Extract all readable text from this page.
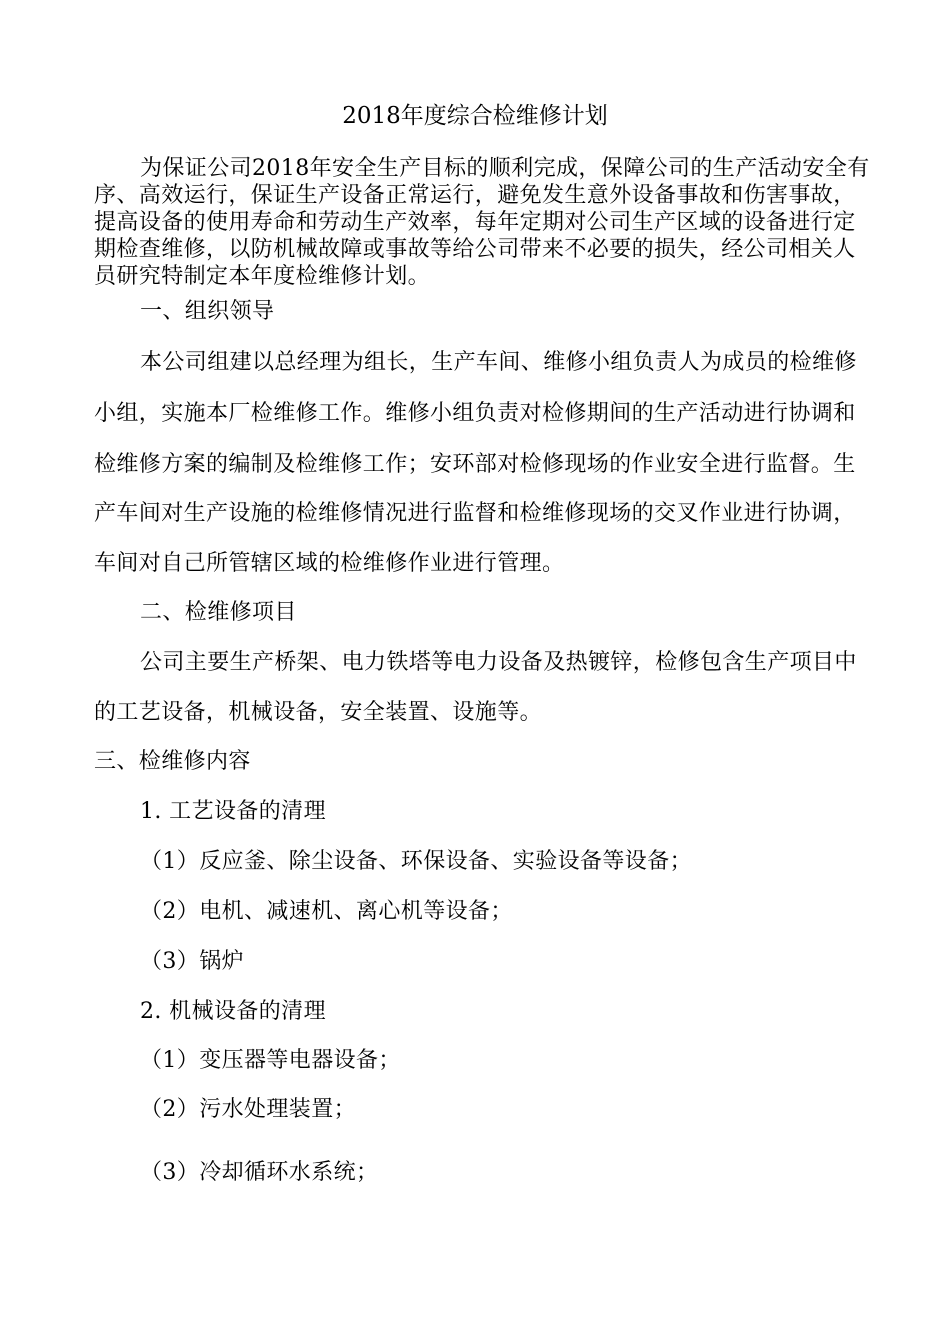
2018年度综合检维修计划
为保证公司2018年安全生产目标的顺利完成，保障公司的生产活动安全有
序、高效运行，保证生产设备正常运行，避免发生意外设备事故和伤害事故，
提高设备的使用寿命和劳动生产效率，每年定期对公司生产区域的设备进行定
期检查维修，以防机械故障或事故等给公司带来不必要的损失，经公司相关人
员研究特制定本年度检维修计划。
一、组织领导
本公司组建以总经理为组长，生产车间、维修小组负责人为成员的检维修
小组，实施本厂检维修工作。维修小组负责对检修期间的生产活动进行协调和
检维修方案的编制及检维修工作；安环部对检修现场的作业安全进行监督。生
产车间对生产设施的检维修情况进行监督和检维修现场的交叉作业进行协调，
车间对自己所管辖区域的检维修作业进行管理。
二、检维修项目
公司主要生产桥架、电力铁塔等电力设备及热镀锌，检修包含生产项目中
的工艺设备，机械设备，安全装置、设施等。
三、检维修内容
1. 工艺设备的清理
（1）反应釜、除尘设备、环保设备、实验设备等设备；
（2）电机、减速机、离心机等设备；
（3）锅炉
2. 机械设备的清理
（1）变压器等电器设备；
（2）污水处理装置；
（3）冷却循环水系统；
